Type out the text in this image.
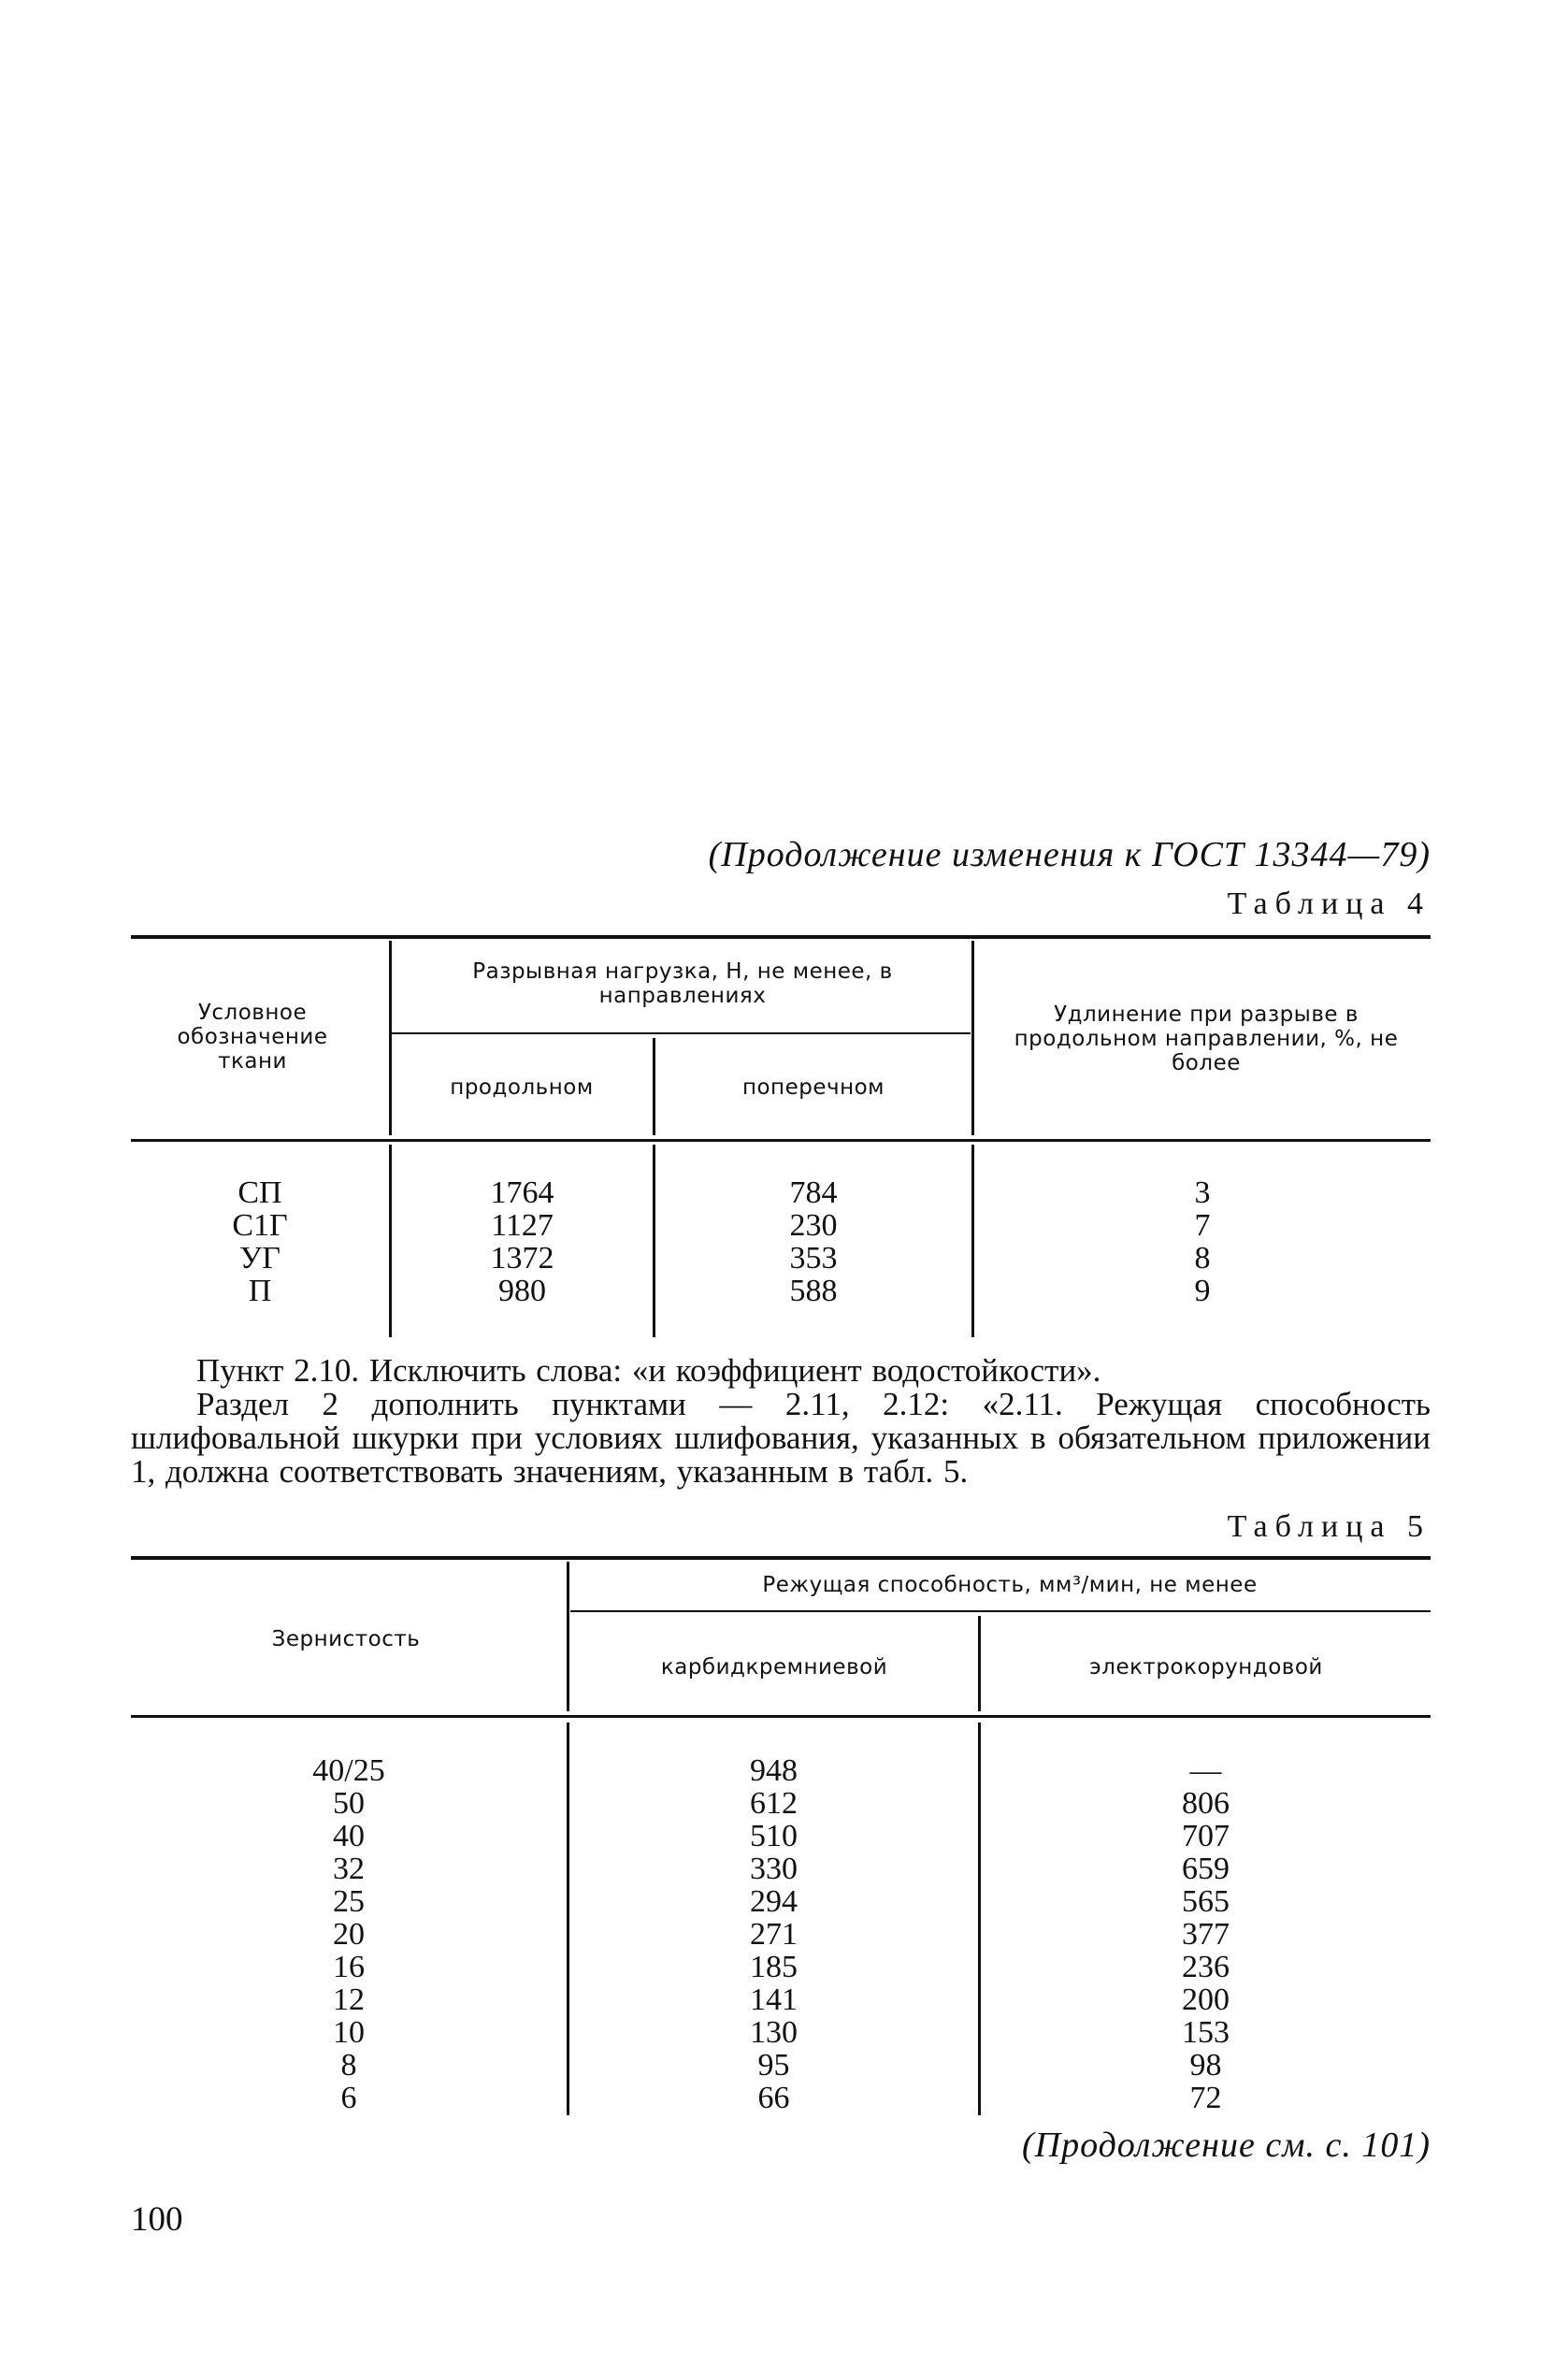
(Продолжение изменения к ГОСТ 13344—79)
Таблица 4
Условное обозначение ткани
Разрывная нагрузка, Н, не менее, в направлениях
продольном	поперечном
Удлинение при разрыве в продольном направлении, %, не более
СП
С1Г
УГ
П
1764
1127
1372
980
784
230
353
588
3
7
8
9

Пункт 2.10. Исключить слова: «и коэффициент водостойкости».

Раздел 2 дополнить пунктами — 2.11, 2.12: «2.11. Режущая способность шлифовальной шкурки при условиях шлифования, указанных в обязательном приложении 1, должна соответствовать значениям, указанным в табл. 5.

Таблица 5
Зернистость
Режущая способность, мм³/мин, не менее
карбидкремниевой	электрокорундовой
40/25
50
40
32
25
20
16
12
10
8
6
948
612
510
330
294
271
185
141
130
95
66
—
806
707
659
565
377
236
200
153
98
72
(Продолжение см. с. 101)
100
